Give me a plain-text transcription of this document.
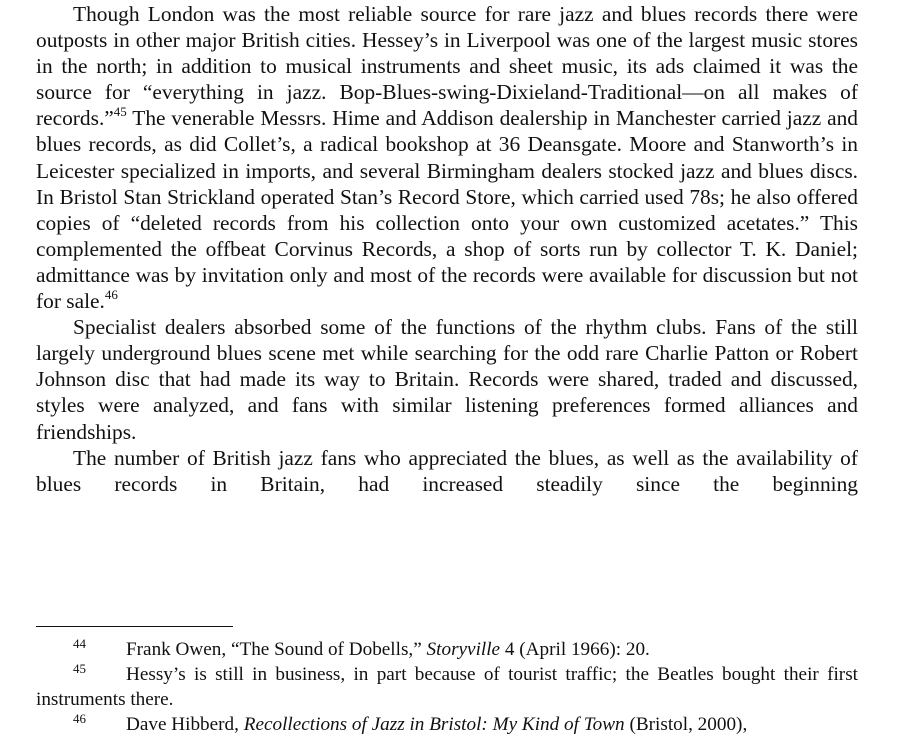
Though London was the most reliable source for rare jazz and blues records there were outposts in other major British cities. Hessey’s in Liverpool was one of the largest music stores in the north; in addition to musical instruments and sheet music, its ads claimed it was the source for “everything in jazz. Bop-Blues-swing-Dixieland-Traditional—on all makes of records.”$^{45}$ The venerable Messrs. Hime and Addison dealership in Manchester carried jazz and blues records, as did Collet’s, a radical bookshop at 36 Deansgate. Moore and Stanworth’s in Leicester specialized in imports, and several Birmingham dealers stocked jazz and blues discs. In Bristol Stan Strickland operated Stan’s Record Store, which carried used 78s; he also offered copies of “deleted records from his collection onto your own customized acetates.” This complemented the offbeat Corvinus Records, a shop of sorts run by collector T. K. Daniel; admittance was by invitation only and most of the records were available for discussion but not for sale.$^{46}$

Specialist dealers absorbed some of the functions of the rhythm clubs. Fans of the still largely underground blues scene met while searching for the odd rare Charlie Patton or Robert Johnson disc that had made its way to Britain. Records were shared, traded and discussed, styles were analyzed, and fans with similar listening preferences formed alliances and friendships.

The number of British jazz fans who appreciated the blues, as well as the availability of blues records in Britain, had increased steadily since the beginning

44 Frank Owen, “The Sound of Dobells,” Storyville 4 (April 1966): 20.

45 Hessy’s is still in business, in part because of tourist traffic; the Beatles bought their first instruments there.

46 Dave Hibberd, Recollections of Jazz in Bristol: My Kind of Town (Bristol, 2000),
